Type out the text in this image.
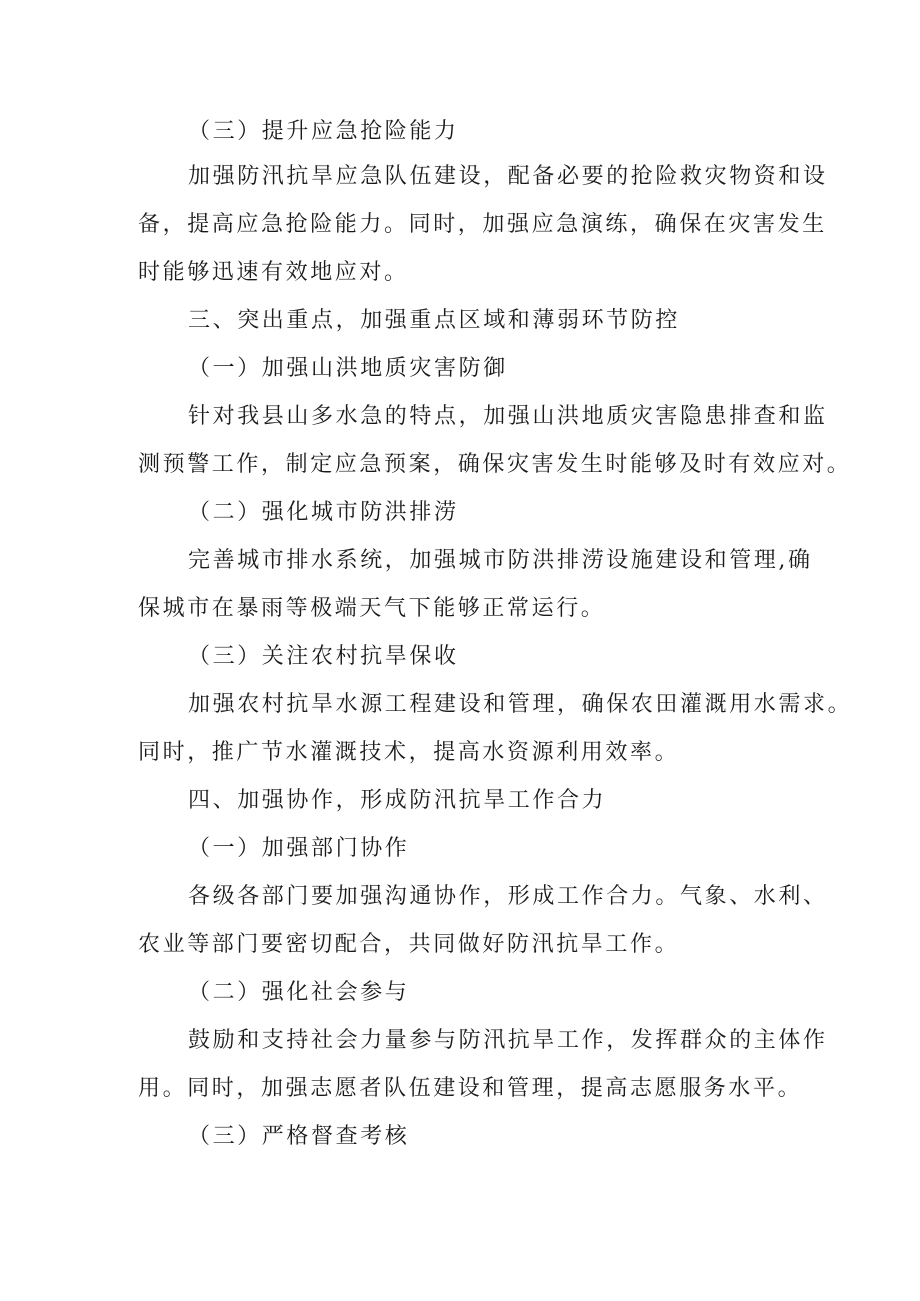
（三）提升应急抢险能力
加强防汛抗旱应急队伍建设，配备必要的抢险救灾物资和设
备，提高应急抢险能力。同时，加强应急演练，确保在灾害发生
时能够迅速有效地应对。
三、突出重点，加强重点区域和薄弱环节防控
（一）加强山洪地质灾害防御
针对我县山多水急的特点，加强山洪地质灾害隐患排查和监
测预警工作，制定应急预案，确保灾害发生时能够及时有效应对。
（二）强化城市防洪排涝
完善城市排水系统，加强城市防洪排涝设施建设和管理,确
保城市在暴雨等极端天气下能够正常运行。
（三）关注农村抗旱保收
加强农村抗旱水源工程建设和管理，确保农田灌溉用水需求。
同时，推广节水灌溉技术，提高水资源利用效率。
四、加强协作，形成防汛抗旱工作合力
（一）加强部门协作
各级各部门要加强沟通协作，形成工作合力。气象、水利、
农业等部门要密切配合，共同做好防汛抗旱工作。
（二）强化社会参与
鼓励和支持社会力量参与防汛抗旱工作，发挥群众的主体作
用。同时，加强志愿者队伍建设和管理，提高志愿服务水平。
（三）严格督查考核
